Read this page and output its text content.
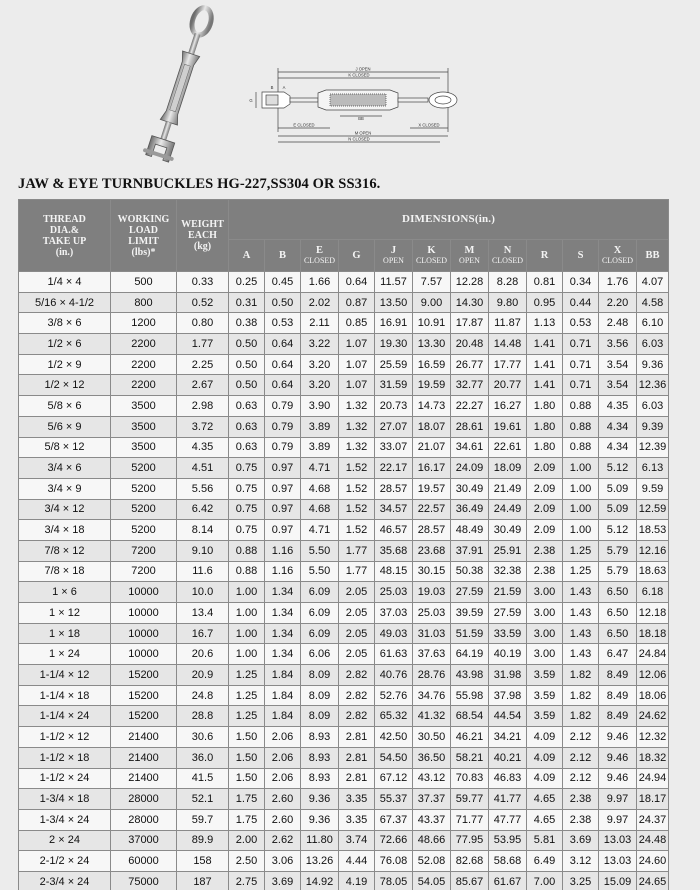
J OPEN
K CLOSED
BB
E CLOSED	X CLOSED
M OPEN
N CLOSED
G
B A
JAW & EYE TURNBUCKLES HG-227,SS304 OR SS316.
THREAD
DIA.&
TAKE UP
(in.)	WORKING
LOAD
LIMIT
(lbs)*	WEIGHT
EACH
(kg)	DIMENSIONS(in.)											
			A	B	E
CLOSED	G	J
OPEN	K
CLOSED	M
OPEN	N
CLOSED	R	S	X
CLOSED	BB
1/4 × 4	500	0.33	0.25	0.45	1.66	0.64	11.57	7.57	12.28	8.28	0.81	0.34	1.76	4.07
5/16 × 4-1/2	800	0.52	0.31	0.50	2.02	0.87	13.50	9.00	14.30	9.80	0.95	0.44	2.20	4.58
3/8 × 6	1200	0.80	0.38	0.53	2.11	0.85	16.91	10.91	17.87	11.87	1.13	0.53	2.48	6.10
1/2 × 6	2200	1.77	0.50	0.64	3.22	1.07	19.30	13.30	20.48	14.48	1.41	0.71	3.56	6.03
1/2 × 9	2200	2.25	0.50	0.64	3.20	1.07	25.59	16.59	26.77	17.77	1.41	0.71	3.54	9.36
1/2 × 12	2200	2.67	0.50	0.64	3.20	1.07	31.59	19.59	32.77	20.77	1.41	0.71	3.54	12.36
5/8 × 6	3500	2.98	0.63	0.79	3.90	1.32	20.73	14.73	22.27	16.27	1.80	0.88	4.35	6.03
5/6 × 9	3500	3.72	0.63	0.79	3.89	1.32	27.07	18.07	28.61	19.61	1.80	0.88	4.34	9.39
5/8 × 12	3500	4.35	0.63	0.79	3.89	1.32	33.07	21.07	34.61	22.61	1.80	0.88	4.34	12.39
3/4 × 6	5200	4.51	0.75	0.97	4.71	1.52	22.17	16.17	24.09	18.09	2.09	1.00	5.12	6.13
3/4 × 9	5200	5.56	0.75	0.97	4.68	1.52	28.57	19.57	30.49	21.49	2.09	1.00	5.09	9.59
3/4 × 12	5200	6.42	0.75	0.97	4.68	1.52	34.57	22.57	36.49	24.49	2.09	1.00	5.09	12.59
3/4 × 18	5200	8.14	0.75	0.97	4.71	1.52	46.57	28.57	48.49	30.49	2.09	1.00	5.12	18.53
7/8 × 12	7200	9.10	0.88	1.16	5.50	1.77	35.68	23.68	37.91	25.91	2.38	1.25	5.79	12.16
7/8 × 18	7200	11.6	0.88	1.16	5.50	1.77	48.15	30.15	50.38	32.38	2.38	1.25	5.79	18.63
1 × 6	10000	10.0	1.00	1.34	6.09	2.05	25.03	19.03	27.59	21.59	3.00	1.43	6.50	6.18
1 × 12	10000	13.4	1.00	1.34	6.09	2.05	37.03	25.03	39.59	27.59	3.00	1.43	6.50	12.18
1 × 18	10000	16.7	1.00	1.34	6.09	2.05	49.03	31.03	51.59	33.59	3.00	1.43	6.50	18.18
1 × 24	10000	20.6	1.00	1.34	6.06	2.05	61.63	37.63	64.19	40.19	3.00	1.43	6.47	24.84
1-1/4 × 12	15200	20.9	1.25	1.84	8.09	2.82	40.76	28.76	43.98	31.98	3.59	1.82	8.49	12.06
1-1/4 × 18	15200	24.8	1.25	1.84	8.09	2.82	52.76	34.76	55.98	37.98	3.59	1.82	8.49	18.06
1-1/4 × 24	15200	28.8	1.25	1.84	8.09	2.82	65.32	41.32	68.54	44.54	3.59	1.82	8.49	24.62
1-1/2 × 12	21400	30.6	1.50	2.06	8.93	2.81	42.50	30.50	46.21	34.21	4.09	2.12	9.46	12.32
1-1/2 × 18	21400	36.0	1.50	2.06	8.93	2.81	54.50	36.50	58.21	40.21	4.09	2.12	9.46	18.32
1-1/2 × 24	21400	41.5	1.50	2.06	8.93	2.81	67.12	43.12	70.83	46.83	4.09	2.12	9.46	24.94
1-3/4 × 18	28000	52.1	1.75	2.60	9.36	3.35	55.37	37.37	59.77	41.77	4.65	2.38	9.97	18.17
1-3/4 × 24	28000	59.7	1.75	2.60	9.36	3.35	67.37	43.37	71.77	47.77	4.65	2.38	9.97	24.37
2 × 24	37000	89.9	2.00	2.62	11.80	3.74	72.66	48.66	77.95	53.95	5.81	3.69	13.03	24.48
2-1/2 × 24	60000	158	2.50	3.06	13.26	4.44	76.08	52.08	82.68	58.68	6.49	3.12	13.03	24.60
2-3/4 × 24	75000	187	2.75	3.69	14.92	4.19	78.05	54.05	85.67	61.67	7.00	3.25	15.09	24.65
